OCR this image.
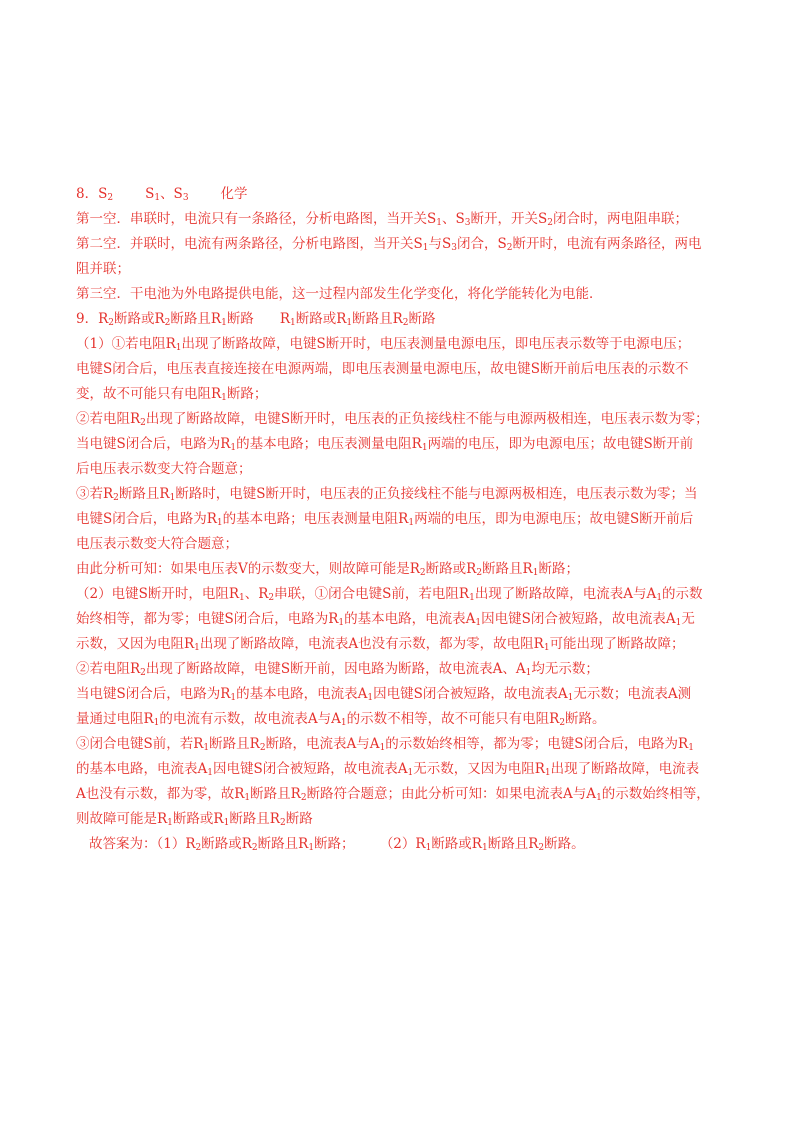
8．$S_2$ $S_1$、$S_3$ 化学
第一空．串联时，电流只有一条路径，分析电路图，当开关$S_1$、$S_3$断开，开关$S_2$闭合时，两电阻串联；
第二空．并联时，电流有两条路径，分析电路图，当开关$S_1$与$S_3$闭合，$S_2$断开时，电流有两条路径，两电
阻并联；
第三空．干电池为外电路提供电能，这一过程内部发生化学变化，将化学能转化为电能．
9．$R_2$断路或$R_2$断路且$R_1$断路 $R_1$断路或$R_1$断路且$R_2$断路
（1）①若电阻$R_1$出现了断路故障，电键S断开时，电压表测量电源电压，即电压表示数等于电源电压；
电键S闭合后，电压表直接连接在电源两端，即电压表测量电源电压，故电键S断开前后电压表的示数不
变，故不可能只有电阻$R_1$断路；
②若电阻$R_2$出现了断路故障，电键S断开时，电压表的正负接线柱不能与电源两极相连，电压表示数为零；
当电键S闭合后，电路为$R_1$的基本电路；电压表测量电阻$R_1$两端的电压，即为电源电压；故电键S断开前
后电压表示数变大符合题意；
③若$R_2$断路且$R_1$断路时，电键S断开时，电压表的正负接线柱不能与电源两极相连，电压表示数为零；当
电键S闭合后，电路为$R_1$的基本电路；电压表测量电阻$R_1$两端的电压，即为电源电压；故电键S断开前后
电压表示数变大符合题意；
由此分析可知：如果电压表V的示数变大，则故障可能是$R_2$断路或$R_2$断路且$R_1$断路；
（2）电键S断开时，电阻$R_1$、$R_2$串联，①闭合电键S前，若电阻$R_1$出现了断路故障，电流表A与$A_1$的示数
始终相等，都为零；电键S闭合后，电路为$R_1$的基本电路，电流表$A_1$因电键S闭合被短路，故电流表$A_1$无
示数，又因为电阻$R_1$出现了断路故障，电流表A也没有示数，都为零，故电阻$R_1$可能出现了断路故障；
②若电阻$R_2$出现了断路故障，电键S断开前，因电路为断路，故电流表A、$A_1$均无示数；
当电键S闭合后，电路为$R_1$的基本电路，电流表$A_1$因电键S闭合被短路，故电流表$A_1$无示数；电流表A测
量通过电阻$R_1$的电流有示数，故电流表A与$A_1$的示数不相等，故不可能只有电阻$R_2$断路。
③闭合电键S前，若$R_1$断路且$R_2$断路，电流表A与$A_1$的示数始终相等，都为零；电键S闭合后，电路为$R_1$
的基本电路，电流表$A_1$因电键S闭合被短路，故电流表$A_1$无示数，又因为电阻$R_1$出现了断路故障，电流表
A也没有示数，都为零，故$R_1$断路且$R_2$断路符合题意；由此分析可知：如果电流表A与$A_1$的示数始终相等，
则故障可能是$R_1$断路或$R_1$断路且$R_2$断路
故答案为：$(1)R_2$断路或$R_2$断路且$R_1$断路； $(2)R_1$断路或$R_1$断路且$R_2$断路。
